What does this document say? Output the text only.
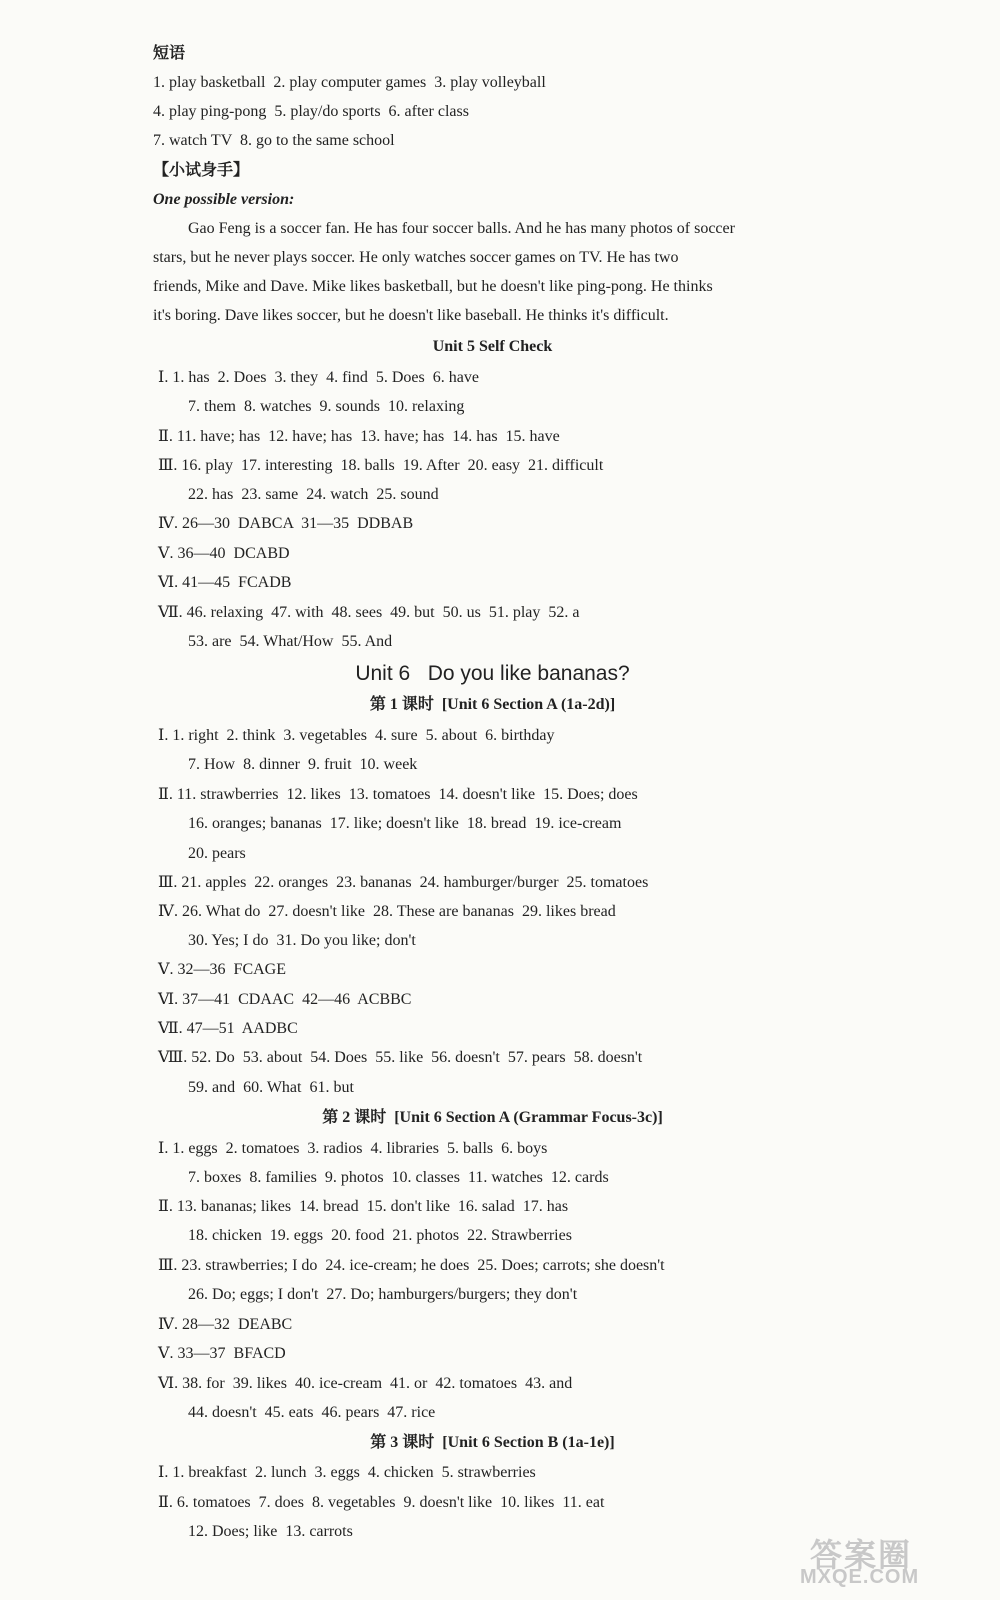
短语
1. play basketball  2. play computer games  3. play volleyball
4. play ping-pong  5. play/do sports  6. after class
7. watch TV  8. go to the same school
【小试身手】
One possible version:
Gao Feng is a soccer fan. He has four soccer balls. And he has many photos of soccer
stars, but he never plays soccer. He only watches soccer games on TV. He has two
friends, Mike and Dave. Mike likes basketball, but he doesn't like ping-pong. He thinks
it's boring. Dave likes soccer, but he doesn't like baseball. He thinks it's difficult.
Unit 5 Self Check
Ⅰ. 1. has  2. Does  3. they  4. find  5. Does  6. have
7. them  8. watches  9. sounds  10. relaxing
Ⅱ. 11. have; has  12. have; has  13. have; has  14. has  15. have
Ⅲ. 16. play  17. interesting  18. balls  19. After  20. easy  21. difficult
22. has  23. same  24. watch  25. sound
Ⅳ. 26—30  DABCA  31—35  DDBAB
Ⅴ. 36—40  DCABD
Ⅵ. 41—45  FCADB
Ⅶ. 46. relaxing  47. with  48. sees  49. but  50. us  51. play  52. a
53. are  54. What/How  55. And
Unit 6   Do you like bananas?
第 1 课时  [Unit 6 Section A (1a-2d)]
Ⅰ. 1. right  2. think  3. vegetables  4. sure  5. about  6. birthday
7. How  8. dinner  9. fruit  10. week
Ⅱ. 11. strawberries  12. likes  13. tomatoes  14. doesn't like  15. Does; does
16. oranges; bananas  17. like; doesn't like  18. bread  19. ice-cream
20. pears
Ⅲ. 21. apples  22. oranges  23. bananas  24. hamburger/burger  25. tomatoes
Ⅳ. 26. What do  27. doesn't like  28. These are bananas  29. likes bread
30. Yes; I do  31. Do you like; don't
Ⅴ. 32—36  FCAGE
Ⅵ. 37—41  CDAAC  42—46  ACBBC
Ⅶ. 47—51  AADBC
Ⅷ. 52. Do  53. about  54. Does  55. like  56. doesn't  57. pears  58. doesn't
59. and  60. What  61. but
第 2 课时  [Unit 6 Section A (Grammar Focus-3c)]
Ⅰ. 1. eggs  2. tomatoes  3. radios  4. libraries  5. balls  6. boys
7. boxes  8. families  9. photos  10. classes  11. watches  12. cards
Ⅱ. 13. bananas; likes  14. bread  15. don't like  16. salad  17. has
18. chicken  19. eggs  20. food  21. photos  22. Strawberries
Ⅲ. 23. strawberries; I do  24. ice-cream; he does  25. Does; carrots; she doesn't
26. Do; eggs; I don't  27. Do; hamburgers/burgers; they don't
Ⅳ. 28—32  DEABC
Ⅴ. 33—37  BFACD
Ⅵ. 38. for  39. likes  40. ice-cream  41. or  42. tomatoes  43. and
44. doesn't  45. eats  46. pears  47. rice
第 3 课时  [Unit 6 Section B (1a-1e)]
Ⅰ. 1. breakfast  2. lunch  3. eggs  4. chicken  5. strawberries
Ⅱ. 6. tomatoes  7. does  8. vegetables  9. doesn't like  10. likes  11. eat
12. Does; like  13. carrots
答案圈
MXQE.COM
